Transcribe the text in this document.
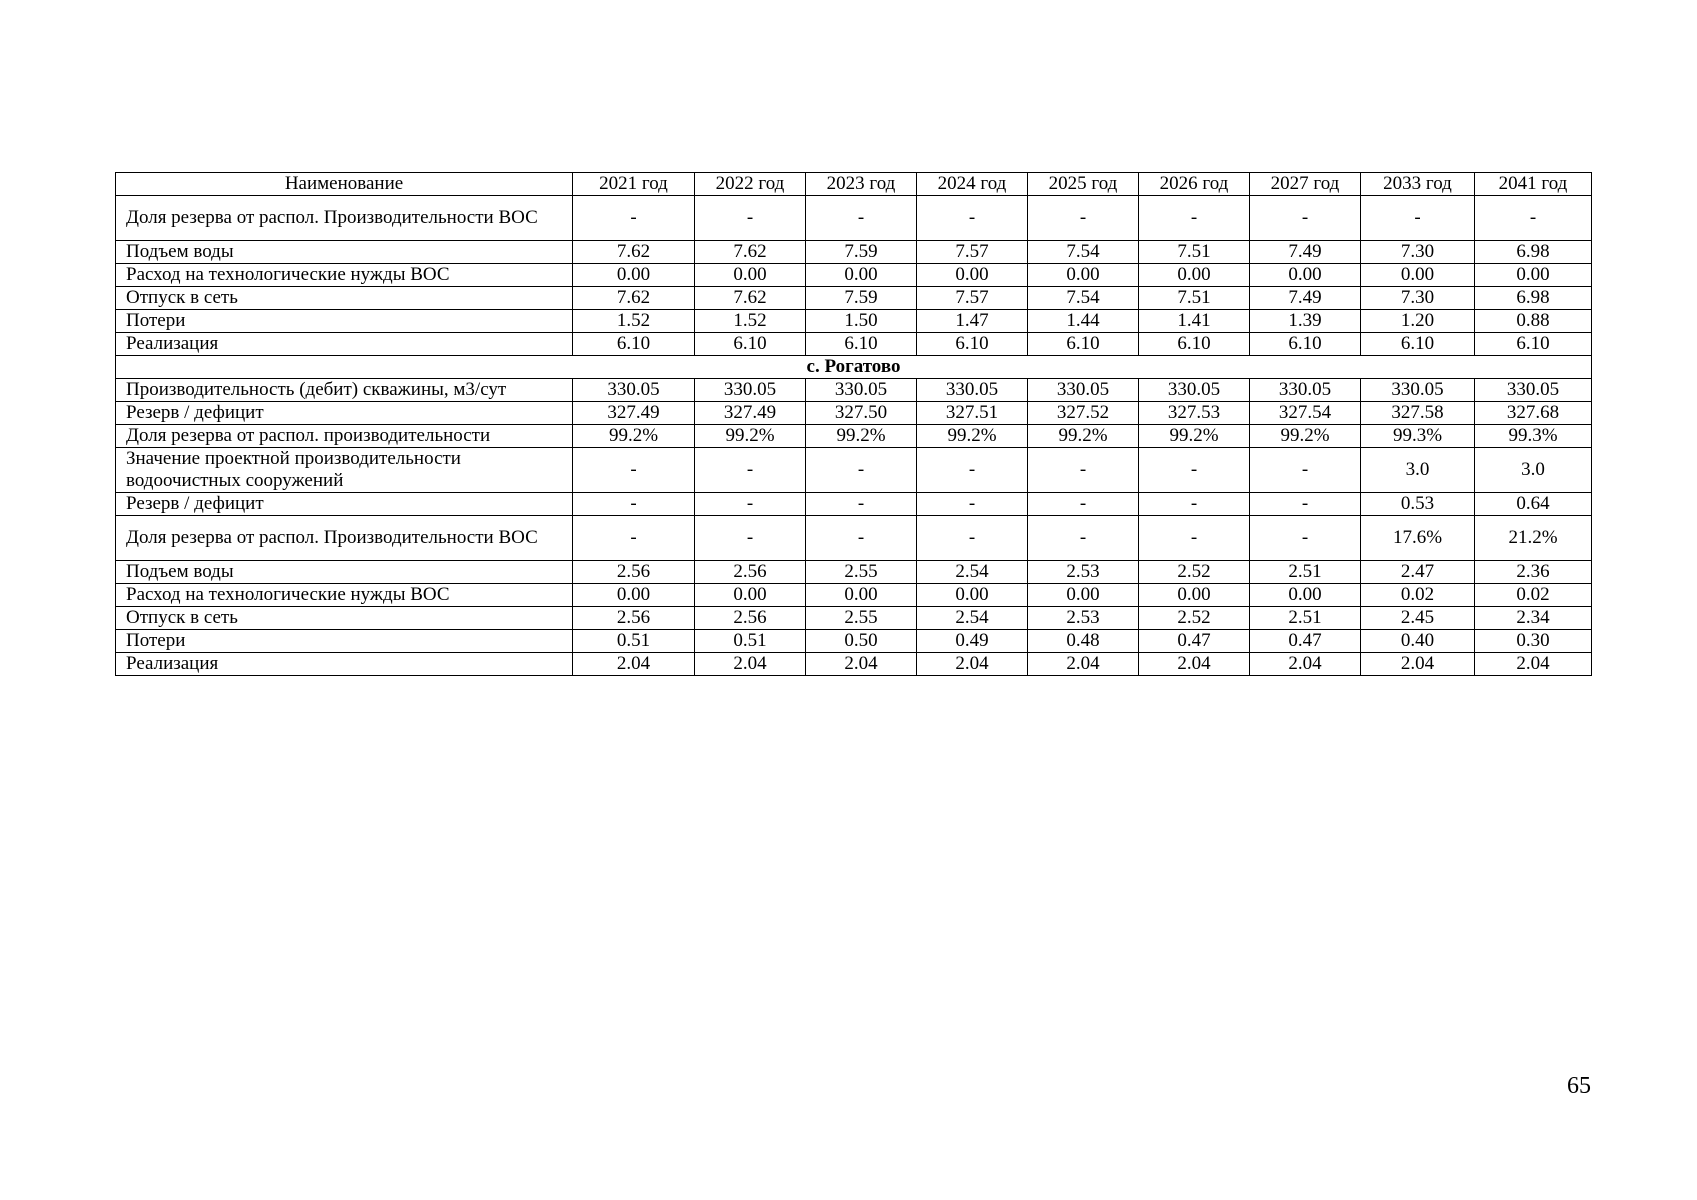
Наименование	2021 год	2022 год	2023 год	2024 год	2025 год	2026 год	2027 год	2033 год	2041 год
Доля резерва от распол. Производительности ВОС	-	-	-	-	-	-	-	-	-
Подъем воды	7.62	7.62	7.59	7.57	7.54	7.51	7.49	7.30	6.98
Расход на технологические нужды ВОС	0.00	0.00	0.00	0.00	0.00	0.00	0.00	0.00	0.00
Отпуск в сеть	7.62	7.62	7.59	7.57	7.54	7.51	7.49	7.30	6.98
Потери	1.52	1.52	1.50	1.47	1.44	1.41	1.39	1.20	0.88
Реализация	6.10	6.10	6.10	6.10	6.10	6.10	6.10	6.10	6.10
с. Рогатово									
Производительность (дебит) скважины, м3/сут	330.05	330.05	330.05	330.05	330.05	330.05	330.05	330.05	330.05
Резерв / дефицит	327.49	327.49	327.50	327.51	327.52	327.53	327.54	327.58	327.68
Доля резерва от распол. производительности	99.2%	99.2%	99.2%	99.2%	99.2%	99.2%	99.2%	99.3%	99.3%
Значение проектной производительности водоочистных сооружений	-	-	-	-	-	-	-	3.0	3.0
Резерв / дефицит	-	-	-	-	-	-	-	0.53	0.64
Доля резерва от распол. Производительности ВОС	-	-	-	-	-	-	-	17.6%	21.2%
Подъем воды	2.56	2.56	2.55	2.54	2.53	2.52	2.51	2.47	2.36
Расход на технологические нужды ВОС	0.00	0.00	0.00	0.00	0.00	0.00	0.00	0.02	0.02
Отпуск в сеть	2.56	2.56	2.55	2.54	2.53	2.52	2.51	2.45	2.34
Потери	0.51	0.51	0.50	0.49	0.48	0.47	0.47	0.40	0.30
Реализация	2.04	2.04	2.04	2.04	2.04	2.04	2.04	2.04	2.04
65
